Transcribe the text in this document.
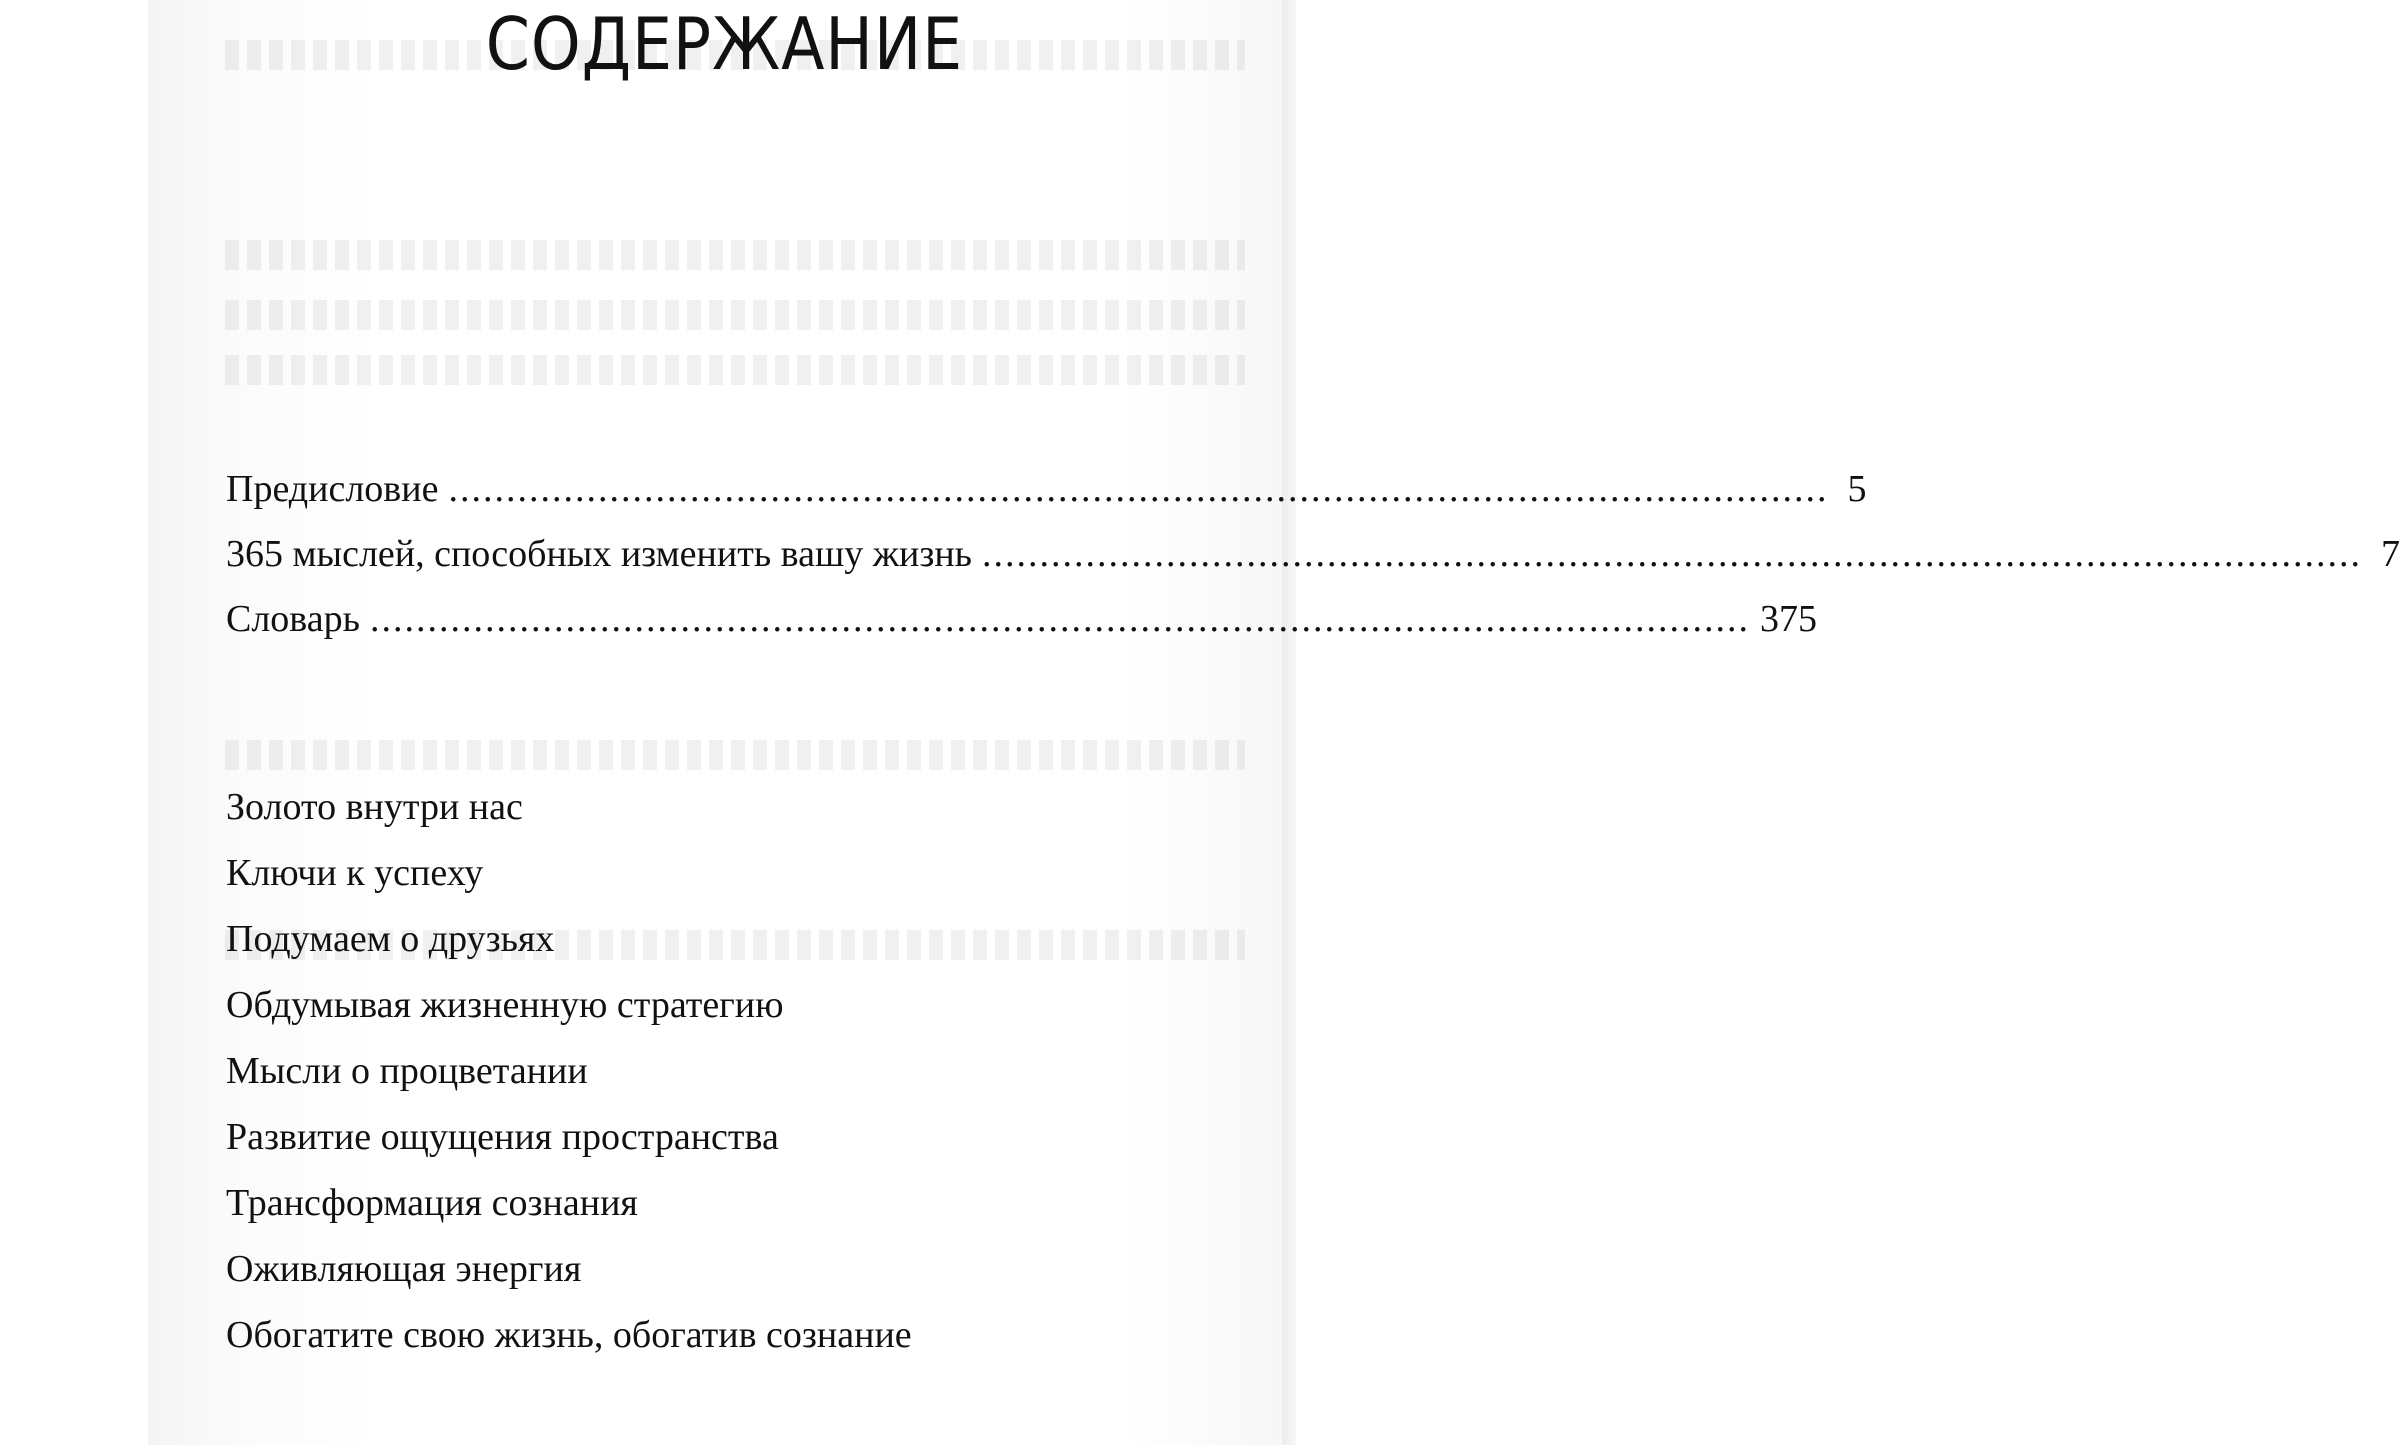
СОДЕРЖАНИЕ
Предисловие ........................................................................................................................ 5
365 мыслей, способных изменить вашу жизнь ........................................................................................................................ 7
Словарь ........................................................................................................................ 375
Золото внутри нас
Ключи к успеху
Подумаем о друзьях
Обдумывая жизненную стратегию
Мысли о процветании
Развитие ощущения пространства
Трансформация сознания
Оживляющая энергия
Обогатите свою жизнь, обогатив сознание
